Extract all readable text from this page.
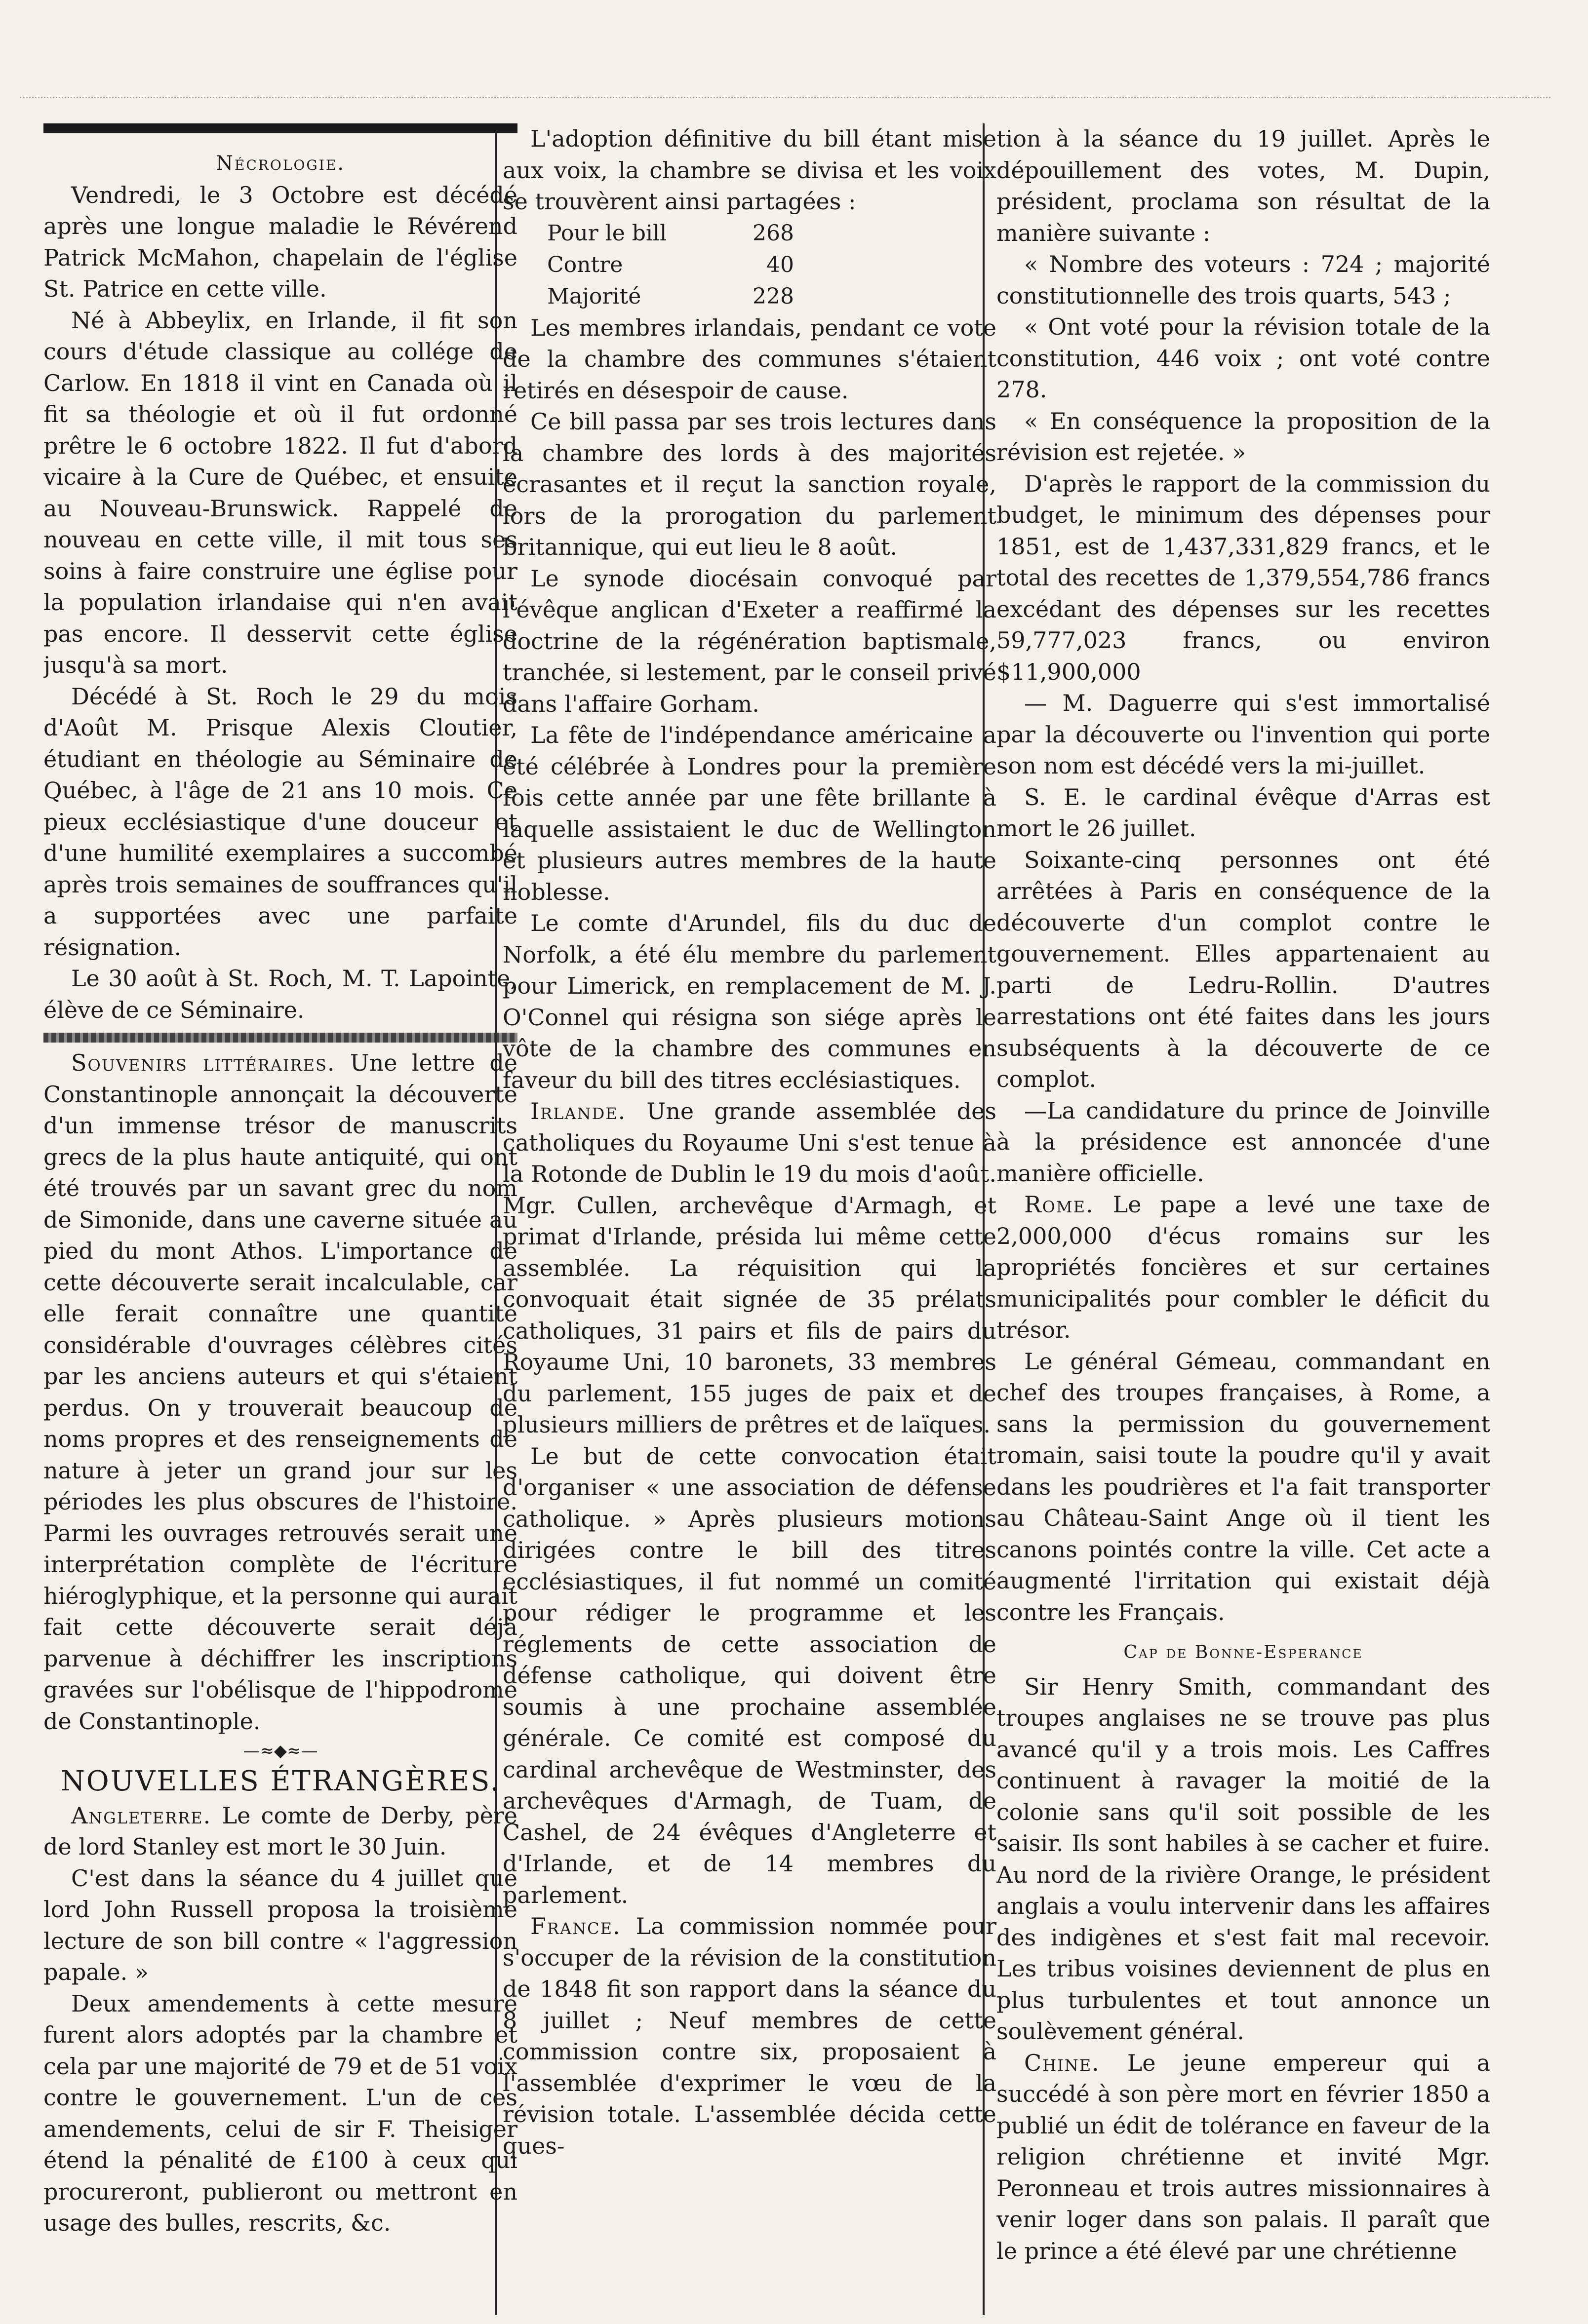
Nécrologie.

Vendredi, le 3 Octobre est décédé après une longue maladie le Révérend Patrick McMahon, chapelain de l'église St. Patrice en cette ville.

Né à Abbeylix, en Irlande, il fit son cours d'étude classique au collége de Carlow. En 1818 il vint en Canada où il fit sa théologie et où il fut ordonné prêtre le 6 octobre 1822. Il fut d'abord vicaire à la Cure de Québec, et ensuite au Nouveau-Brunswick. Rappelé de nouveau en cette ville, il mit tous ses soins à faire construire une église pour la population irlandaise qui n'en avait pas encore. Il desservit cette église jusqu'à sa mort.

Décédé à St. Roch le 29 du mois d'Août M. Prisque Alexis Cloutier, étudiant en théologie au Séminaire de Québec, à l'âge de 21 ans 10 mois. Ce pieux ecclésiastique d'une douceur et d'une humilité exemplaires a succombé après trois semaines de souffrances qu'il a supportées avec une parfaite résignation.

Le 30 août à St. Roch, M. T. Lapointe, élève de ce Séminaire.

Souvenirs littéraires. Une lettre de Constantinople annonçait la découverte d'un immense trésor de manuscrits grecs de la plus haute antiquité, qui ont été trouvés par un savant grec du nom de Simonide, dans une caverne située au pied du mont Athos. L'importance de cette découverte serait incalculable, car elle ferait connaître une quantité considérable d'ouvrages célèbres cités par les anciens auteurs et qui s'étaient perdus. On y trouverait beaucoup de noms propres et des renseignements de nature à jeter un grand jour sur les périodes les plus obscures de l'histoire. Parmi les ouvrages retrouvés serait une interprétation complète de l'écriture hiéroglyphique, et la personne qui aurait fait cette découverte serait déjà parvenue à déchiffrer les inscriptions gravées sur l'obélisque de l'hippodrome de Constantinople.

—≈◆≈—

NOUVELLES ÉTRANGÈRES.

Angleterre. Le comte de Derby, père de lord Stanley est mort le 30 Juin.

C'est dans la séance du 4 juillet que lord John Russell proposa la troisième lecture de son bill contre « l'aggression papale. »

Deux amendements à cette mesure furent alors adoptés par la chambre et cela par une majorité de 79 et de 51 voix contre le gouvernement. L'un de ces amendements, celui de sir F. Theisiger étend la pénalité de £100 à ceux qui procureront, publieront ou mettront en usage des bulles, rescrits, &c.

L'adoption définitive du bill étant mise aux voix, la chambre se divisa et les voix se trouvèrent ainsi partagées :

Pour le bill	268
Contre	40
Majorité	228

Les membres irlandais, pendant ce vote de la chambre des communes s'étaient retirés en désespoir de cause.

Ce bill passa par ses trois lectures dans la chambre des lords à des majorités écrasantes et il reçut la sanction royale, lors de la prorogation du parlement britannique, qui eut lieu le 8 août.

Le synode diocésain convoqué par l'évêque anglican d'Exeter a reaffirmé la doctrine de la régénération baptismale, tranchée, si lestement, par le conseil privé dans l'affaire Gorham.

La fête de l'indépendance américaine a été célébrée à Londres pour la première fois cette année par une fête brillante à laquelle assistaient le duc de Wellington et plusieurs autres membres de la haute noblesse.

Le comte d'Arundel, fils du duc de Norfolk, a été élu membre du parlement pour Limerick, en remplacement de M. J. O'Connel qui résigna son siége après le vôte de la chambre des communes en faveur du bill des titres ecclésiastiques.

Irlande. Une grande assemblée des catholiques du Royaume Uni s'est tenue à la Rotonde de Dublin le 19 du mois d'août. Mgr. Cullen, archevêque d'Armagh, et primat d'Irlande, présida lui même cette assemblée. La réquisition qui la convoquait était signée de 35 prélats catholiques, 31 pairs et fils de pairs du Royaume Uni, 10 baronets, 33 membres du parlement, 155 juges de paix et de plusieurs milliers de prêtres et de laïques.

Le but de cette convocation était d'organiser « une association de défense catholique. » Après plusieurs motions dirigées contre le bill des titres ecclésiastiques, il fut nommé un comité pour rédiger le programme et les réglements de cette association de défense catholique, qui doivent être soumis à une prochaine assemblée générale. Ce comité est composé du cardinal archevêque de Westminster, des archevêques d'Armagh, de Tuam, de Cashel, de 24 évêques d'Angleterre et d'Irlande, et de 14 membres du parlement.

France. La commission nommée pour s'occuper de la révision de la constitution de 1848 fit son rapport dans la séance du 8 juillet ; Neuf membres de cette commission contre six, proposaient à l'assemblée d'exprimer le vœu de la révision totale. L'assemblée décida cette ques-

tion à la séance du 19 juillet. Après le dépouillement des votes, M. Dupin, président, proclama son résultat de la manière suivante :

« Nombre des voteurs : 724 ; majorité constitutionnelle des trois quarts, 543 ;

« Ont voté pour la révision totale de la constitution, 446 voix ; ont voté contre 278.

« En conséquence la proposition de la révision est rejetée. »

D'après le rapport de la commission du budget, le minimum des dépenses pour 1851, est de 1,437,331,829 francs, et le total des recettes de 1,379,554,786 francs excédant des dépenses sur les recettes 59,777,023 francs, ou environ $11,900,000

— M. Daguerre qui s'est immortalisé par la découverte ou l'invention qui porte son nom est décédé vers la mi-juillet.

S. E. le cardinal évêque d'Arras est mort le 26 juillet.

Soixante-cinq personnes ont été arrêtées à Paris en conséquence de la découverte d'un complot contre le gouvernement. Elles appartenaient au parti de Ledru-Rollin. D'autres arrestations ont été faites dans les jours subséquents à la découverte de ce complot.

—La candidature du prince de Joinville à la présidence est annoncée d'une manière officielle.

Rome. Le pape a levé une taxe de 2,000,000 d'écus romains sur les propriétés foncières et sur certaines municipalités pour combler le déficit du trésor.

Le général Gémeau, commandant en chef des troupes françaises, à Rome, a sans la permission du gouvernement romain, saisi toute la poudre qu'il y avait dans les poudrières et l'a fait transporter au Château-Saint Ange où il tient les canons pointés contre la ville. Cet acte a augmenté l'irritation qui existait déjà contre les Français.

Cap de Bonne-Esperance

Sir Henry Smith, commandant des troupes anglaises ne se trouve pas plus avancé qu'il y a trois mois. Les Caffres continuent à ravager la moitié de la colonie sans qu'il soit possible de les saisir. Ils sont habiles à se cacher et fuire. Au nord de la rivière Orange, le président anglais a voulu intervenir dans les affaires des indigènes et s'est fait mal recevoir. Les tribus voisines deviennent de plus en plus turbulentes et tout annonce un soulèvement général.

Chine. Le jeune empereur qui a succédé à son père mort en février 1850 a publié un édit de tolérance en faveur de la religion chrétienne et invité Mgr. Peronneau et trois autres missionnaires à venir loger dans son palais. Il paraît que le prince a été élevé par une chrétienne
